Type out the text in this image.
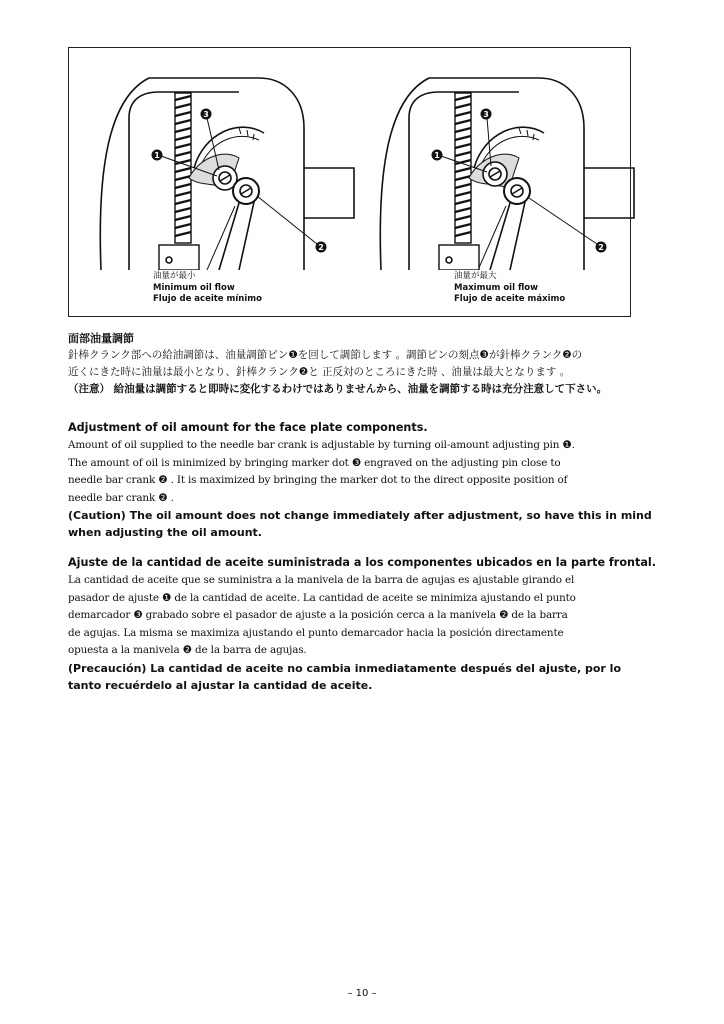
3
1
2
油量が最小
Minimum oil flow
Flujo de aceite mínimo
3
1
2
油量が最大
Maximum oil flow
Flujo de aceite máximo
面部油量調節
針棒クランク部への給油調節は、油量調節ピン❶を回して調節します 。調節ピンの刻点❸が針棒クランク❷の
近くにきた時に油量は最小となり、針棒クランク❷と 正反対のところにきた時 、油量は最大となります 。
（注意） 給油量は調節すると即時に変化するわけではありませんから、油量を調節する時は充分注意して下さい。
Adjustment of oil amount for the face plate components.
Amount of oil supplied to the needle bar crank is adjustable by turning oil-amount adjusting pin ❶.
The amount of oil is minimized by bringing marker dot ❸ engraved on the adjusting pin close to
needle bar crank ❷ . It is maximized by bringing the marker dot to the direct opposite position of
needle bar crank ❷ .
(Caution) The oil amount does not change immediately after adjustment, so have this in mind
when adjusting the oil amount.
Ajuste de la cantidad de aceite suministrada a los componentes ubicados en la parte frontal.
La cantidad de aceite que se suministra a la manivela de la barra de agujas es ajustable girando el
pasador de ajuste ❶ de la cantidad de aceite. La cantidad de aceite se minimiza ajustando el punto
demarcador ❸ grabado sobre el pasador de ajuste a la posición cerca a la manivela ❷ de la barra
de agujas. La misma se maximiza ajustando el punto demarcador hacia la posición directamente
opuesta a la manivela ❷ de la barra de agujas.
(Precaución) La cantidad de aceite no cambia inmediatamente después del ajuste, por lo
tanto recuérdelo al ajustar la cantidad de aceite.
– 10 –
